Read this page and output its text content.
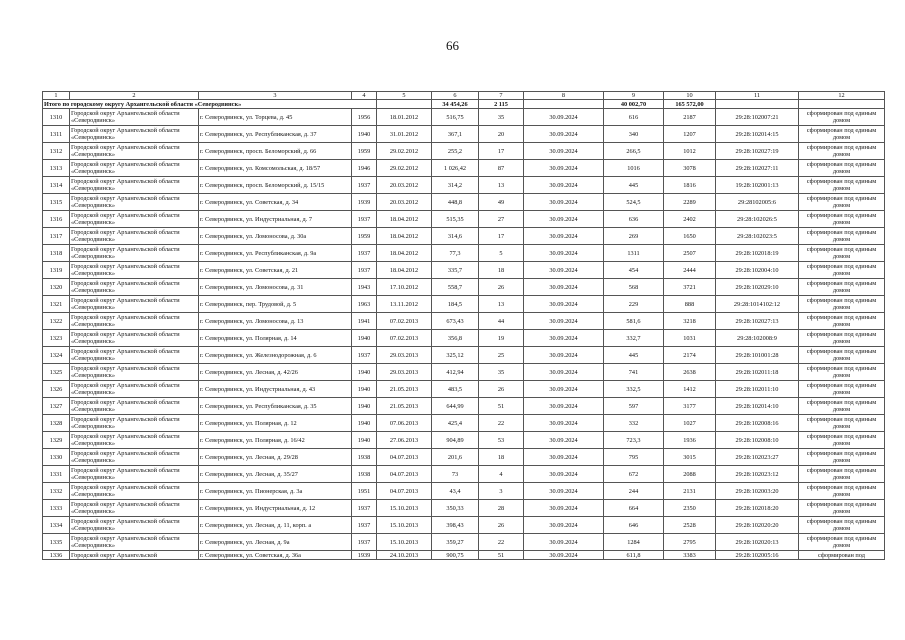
66
1	2	3	4	5	6	7	8	9	10	11	12
Итого по городскому округу Архангельской области «Северодвинск»					34 454,26	2 115		40 002,70	165 572,00		
1310	Городской округ Архангельской области «Северодвинск»	г. Северодвинск, ул. Торцева, д. 45	1956	18.01.2012	516,75	35	30.09.2024	616	2187	29:28:102007:21	сформирован под единым домом
1311	Городской округ Архангельской области «Северодвинск»	г. Северодвинск, ул. Республиканская, д. 37	1940	31.01.2012	367,1	20	30.09.2024	340	1207	29:28:102014:15	сформирован под единым домом
1312	Городской округ Архангельской области «Северодвинск»	г. Северодвинск, просп. Беломорский, д. 66	1959	29.02.2012	255,2	17	30.09.2024	266,5	1012	29:28:102027:19	сформирован под единым домом
1313	Городской округ Архангельской области «Северодвинск»	г. Северодвинск, ул. Комсомольская, д. 18/57	1946	29.02.2012	1 026,42	87	30.09.2024	1016	3078	29:28:102027:11	сформирован под единым домом
1314	Городской округ Архангельской области «Северодвинск»	г. Северодвинск, просп. Беломорский, д. 15/15	1937	20.03.2012	314,2	13	30.09.2024	445	1816	19:28:102001:13	сформирован под единым домом
1315	Городской округ Архангельской области «Северодвинск»	г. Северодвинск, ул. Советская, д. 34	1939	20.03.2012	448,8	49	30.09.2024	524,5	2289	29:28102005:6	сформирован под единым домом
1316	Городской округ Архангельской области «Северодвинск»	г. Северодвинск, ул. Индустриальная, д. 7	1937	18.04.2012	515,35	27	30.09.2024	636	2402	29:28:102026:5	сформирован под единым домом
1317	Городской округ Архангельской области «Северодвинск»	г. Северодвинск, ул. Ломоносова, д. 30а	1959	18.04.2012	314,6	17	30.09.2024	269	1650	29:28:102023:5	сформирован под единым домом
1318	Городской округ Архангельской области «Северодвинск»	г. Северодвинск, ул. Республиканская, д. 9а	1937	18.04.2012	77,3	5	30.09.2024	1311	2507	29:28:102018:19	сформирован под единым домом
1319	Городской округ Архангельской области «Северодвинск»	г. Северодвинск, ул. Советская, д. 21	1937	18.04.2012	335,7	18	30.09.2024	454	2444	29:28:102004:10	сформирован под единым домом
1320	Городской округ Архангельской области «Северодвинск»	г. Северодвинск, ул. Ломоносова, д. 31	1943	17.10.2012	558,7	26	30.09.2024	568	3721	29:28:102029:10	сформирован под единым домом
1321	Городской округ Архангельской области «Северодвинск»	г. Северодвинск, пер. Трудовой, д. 5	1963	13.11.2012	184,5	13	30.09.2024	229	888	29:28:1014102:12	сформирован под единым домом
1322	Городской округ Архангельской области «Северодвинск»	г. Северодвинск, ул. Ломоносова, д. 13	1941	07.02.2013	673,43	44	30.09.2024	581,6	3218	29:28:102027:13	сформирован под единым домом
1323	Городской округ Архангельской области «Северодвинск»	г. Северодвинск, ул. Полярная, д. 14	1940	07.02.2013	356,8	19	30.09.2024	332,7	1031	29:28:102008:9	сформирован под единым домом
1324	Городской округ Архангельской области «Северодвинск»	г. Северодвинск, ул. Железнодорожная, д. 6	1937	29.03.2013	325,12	25	30.09.2024	445	2174	29:28:101001:28	сформирован под единым домом
1325	Городской округ Архангельской области «Северодвинск»	г. Северодвинск, ул. Лесная, д. 42/26	1940	29.03.2013	412,94	35	30.09.2024	741	2638	29:28:102011:18	сформирован под единым домом
1326	Городской округ Архангельской области «Северодвинск»	г. Северодвинск, ул. Индустриальная, д. 43	1940	21.05.2013	483,5	26	30.09.2024	332,5	1412	29:28:102011:10	сформирован под единым домом
1327	Городской округ Архангельской области «Северодвинск»	г. Северодвинск, ул. Республиканская, д. 35	1940	21.05.2013	644,99	51	30.09.2024	597	3177	29:28:102014:10	сформирован под единым домом
1328	Городской округ Архангельской области «Северодвинск»	г. Северодвинск, ул. Полярная, д. 12	1940	07.06.2013	425,4	22	30.09.2024	332	1027	29:28:102008:16	сформирован под единым домом
1329	Городской округ Архангельской области «Северодвинск»	г. Северодвинск, ул. Полярная, д. 16/42	1940	27.06.2013	904,89	53	30.09.2024	723,3	1936	29:28:102008:10	сформирован под единым домом
1330	Городской округ Архангельской области «Северодвинск»	г. Северодвинск, ул. Лесная, д. 29/28	1938	04.07.2013	201,6	18	30.09.2024	795	3015	29:28:102023:27	сформирован под единым домом
1331	Городской округ Архангельской области «Северодвинск»	г. Северодвинск, ул. Лесная, д. 35/27	1938	04.07.2013	73	4	30.09.2024	672	2088	29:28:102023:12	сформирован под единым домом
1332	Городской округ Архангельской области «Северодвинск»	г. Северодвинск, ул. Пионерская, д. 3а	1951	04.07.2013	43,4	3	30.09.2024	244	2131	29:28:102003:20	сформирован под единым домом
1333	Городской округ Архангельской области «Северодвинск»	г. Северодвинск, ул. Индустриальная, д. 12	1937	15.10.2013	350,33	28	30.09.2024	664	2350	29:28:102018:20	сформирован под единым домом
1334	Городской округ Архангельской области «Северодвинск»	г. Северодвинск, ул. Лесная, д. 11, корп. а	1937	15.10.2013	398,43	26	30.09.2024	646	2528	29:28:102020:20	сформирован под единым домом
1335	Городской округ Архангельской области «Северодвинск»	г. Северодвинск, ул. Лесная, д. 9а	1937	15.10.2013	359,27	22	30.09.2024	1284	2795	29:28:102020:13	сформирован под единым домом
1336	Городской округ Архангельской	г. Северодвинск, ул. Советская, д. 36а	1939	24.10.2013	900,75	51	30.09.2024	611,8	3383	29:28:102005:16	сформирован под
